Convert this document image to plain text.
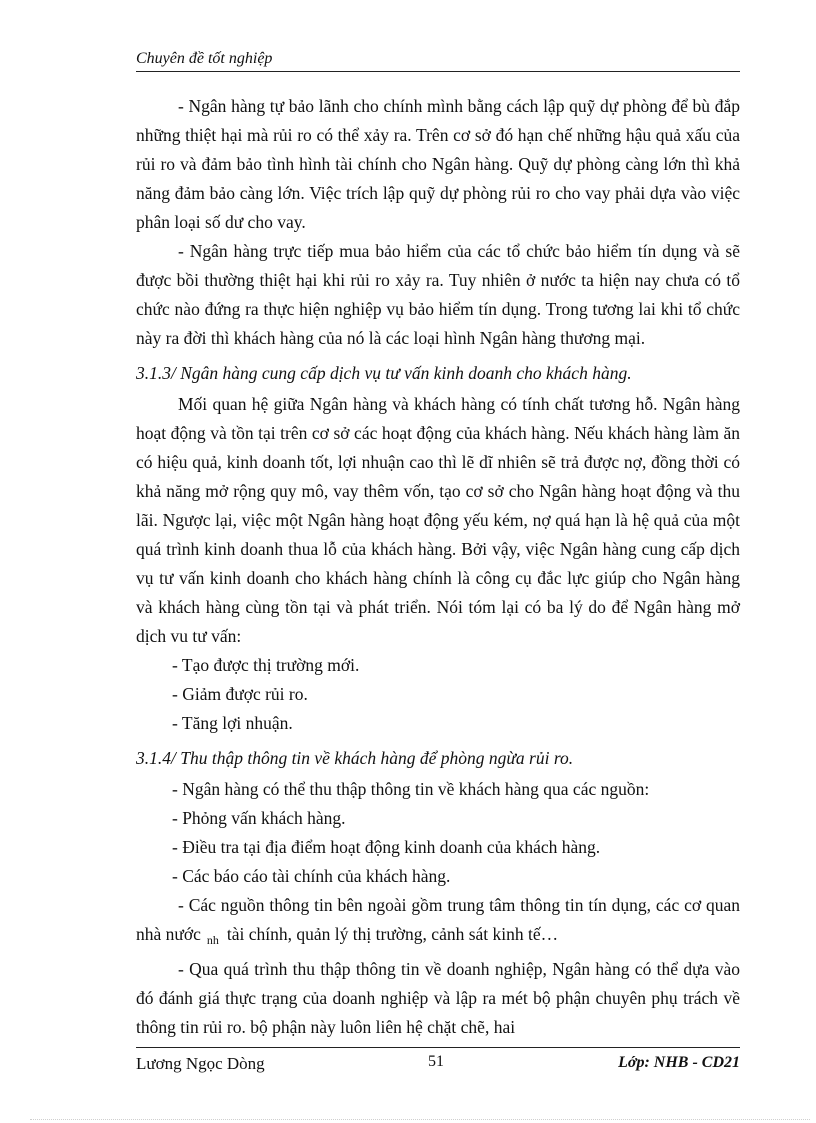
Chuyên đề tốt nghiệp

- Ngân hàng tự bảo lãnh cho chính mình bằng cách lập quỹ dự phòng để bù đắp những thiệt hại mà rủi ro có thể xảy ra. Trên cơ sở đó hạn chế những hậu quả xấu của rủi ro và đảm bảo tình hình tài chính cho Ngân hàng. Quỹ dự phòng càng lớn thì khả năng đảm bảo càng lớn. Việc trích lập quỹ dự phòng rủi ro cho vay phải dựa vào việc phân loại số dư cho vay.

- Ngân hàng trực tiếp mua bảo hiểm của các tổ chức bảo hiểm tín dụng và sẽ được bồi thường thiệt hại khi rủi ro xảy ra. Tuy nhiên ở nước ta hiện nay chưa có tổ chức nào đứng ra thực hiện nghiệp vụ bảo hiểm tín dụng. Trong tương lai khi tổ chức này ra đời thì khách hàng của nó là các loại hình Ngân hàng thương mại.

3.1.3/ Ngân hàng cung cấp dịch vụ tư vấn kinh doanh cho khách hàng.

Mối quan hệ giữa Ngân hàng và khách hàng có tính chất tương hỗ. Ngân hàng hoạt động và tồn tại trên cơ sở các hoạt động của khách hàng. Nếu khách hàng làm ăn có hiệu quả, kinh doanh tốt, lợi nhuận cao thì lẽ dĩ nhiên sẽ trả được nợ, đồng thời có khả năng mở rộng quy mô, vay thêm vốn, tạo cơ sở cho Ngân hàng hoạt động và thu lãi. Ngược lại, việc một Ngân hàng hoạt động yếu kém, nợ quá hạn là hệ quả của một quá trình kinh doanh thua lỗ của khách hàng. Bởi vậy, việc Ngân hàng cung cấp dịch vụ tư vấn kinh doanh cho khách hàng chính là công cụ đắc lực giúp cho Ngân hàng và khách hàng cùng tồn tại và phát triển. Nói tóm lại có ba lý do để Ngân hàng mở dịch vu tư vấn:

- Tạo được thị trường mới.

- Giảm được rủi ro.

- Tăng lợi nhuận.

3.1.4/ Thu thập thông tin về khách hàng để phòng ngừa rủi ro.

- Ngân hàng có thể thu thập thông tin về khách hàng qua các nguồn:

- Phỏng vấn khách hàng.

- Điều tra tại địa điểm hoạt động kinh doanh của khách hàng.

- Các báo cáo tài chính của khách hàng.

- Các nguồn thông tin bên ngoài gồm trung tâm thông tin tín dụng, các cơ quan nhà nước $_{nh}$ tài chính, quản lý thị trường, cảnh sát kinh tế…

- Qua quá trình thu thập thông tin về doanh nghiệp, Ngân hàng có thể dựa vào đó đánh giá thực trạng của doanh nghiệp và lập ra mét bộ phận chuyên phụ trách về thông tin rủi ro. bộ phận này luôn liên hệ chặt chẽ, hai

Lương Ngọc Dòng	51	Lớp: NHB - CD21
